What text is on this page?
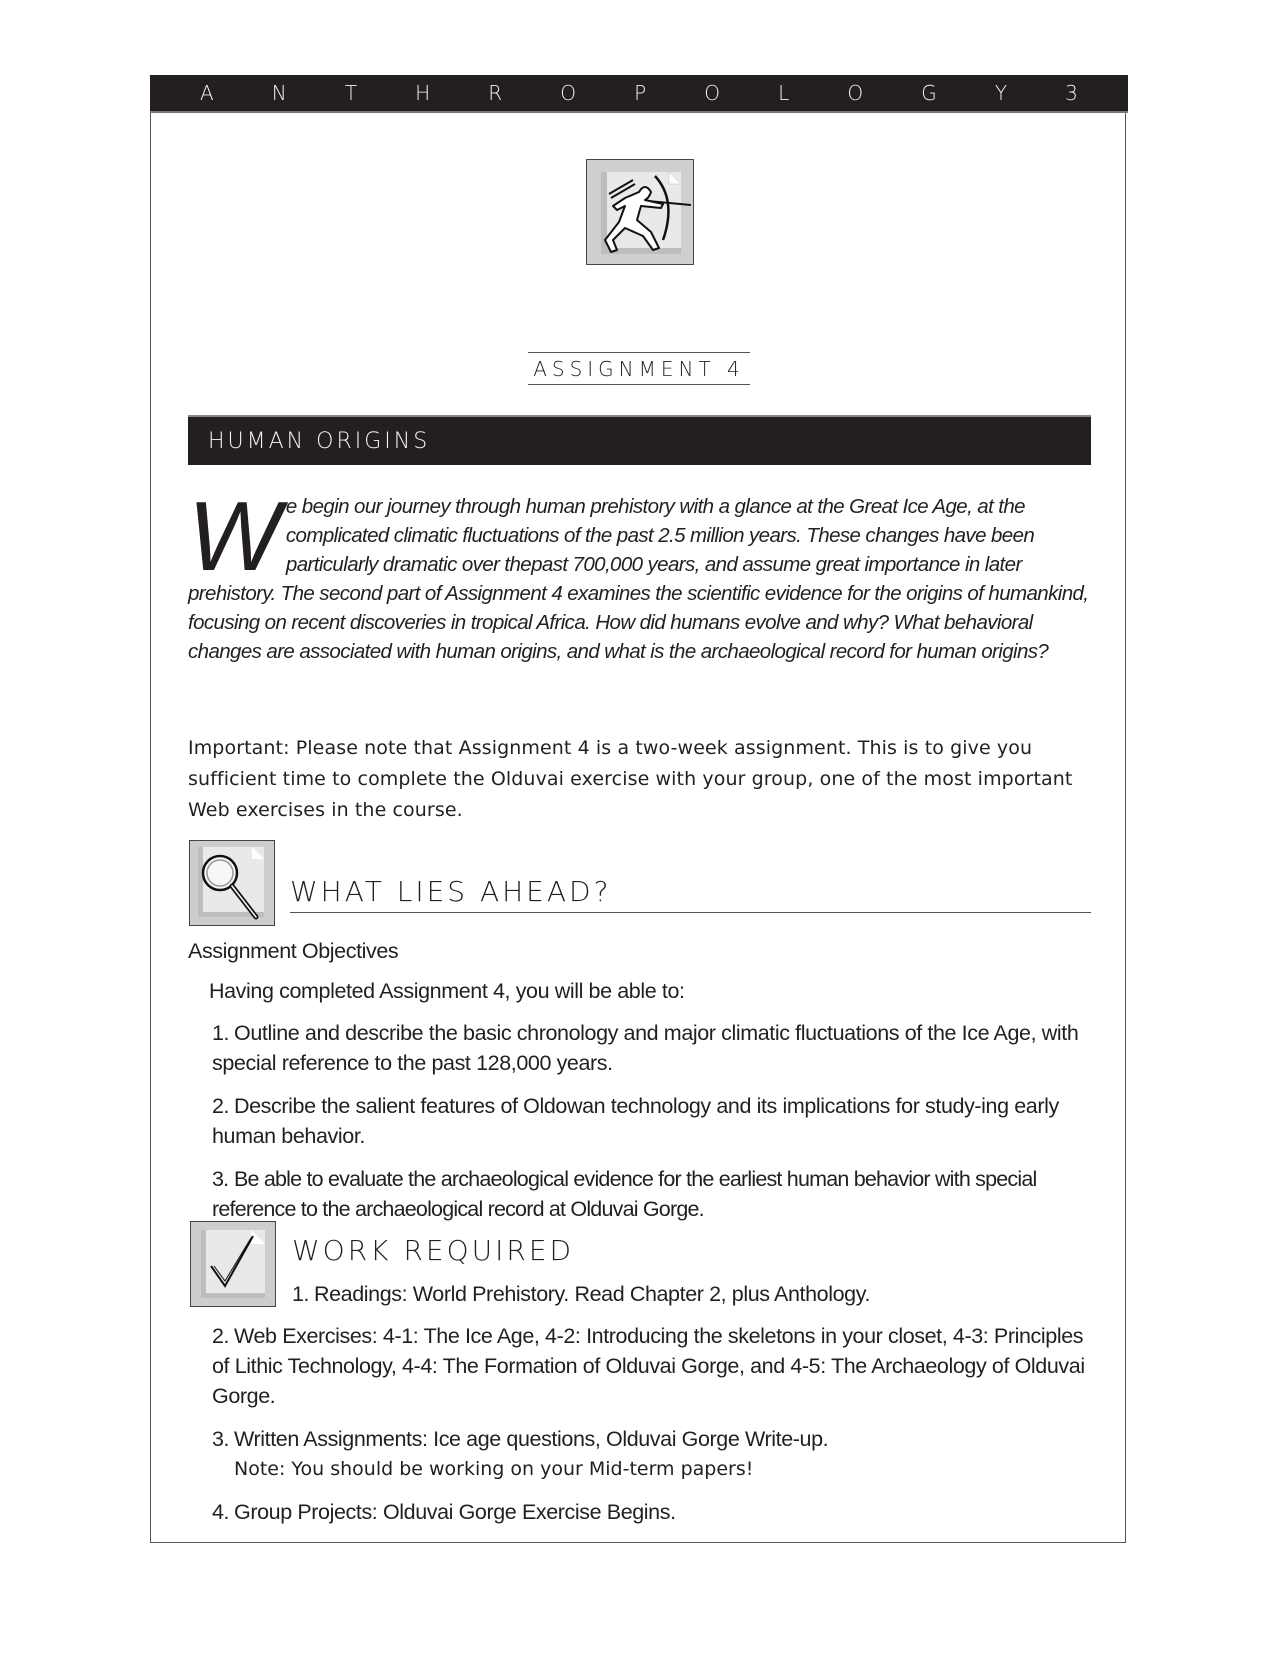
A	N	T	H	R	O	P	O	L	O	G	Y	3
ASSIGNMENT 4
HUMAN ORIGINS
W e begin our journey through human prehistory with a glance at the Great Ice Age, at the complicated climatic fluctuations of the past 2.5 million years. These changes have been particularly dramatic over thepast 700,000 years, and assume great importance in later prehistory. The second part of Assignment 4 examines the scientific evidence for the origins of humankind, focusing on recent discoveries in tropical Africa. How did humans evolve and why? What behavioral changes are associated with human origins, and what is the archaeological record for human origins?
Important: Please note that Assignment 4 is a two-week assignment. This is to give you sufficient time to complete the Olduvai exercise with your group, one of the most important Web exercises in the course.
WHAT LIES AHEAD?
Assignment Objectives
Having completed Assignment 4, you will be able to:
1. Outline and describe the basic chronology and major climatic fluctuations of the Ice Age, with special reference to the past 128,000 years.
2. Describe the salient features of Oldowan technology and its implications for study-ing early human behavior.
3. Be able to evaluate the archaeological evidence for the earliest human behavior with special reference to the archaeological record at Olduvai Gorge.
WORK REQUIRED
1. Readings: World Prehistory. Read Chapter 2, plus Anthology.
2. Web Exercises: 4-1: The Ice Age, 4-2: Introducing the skeletons in your closet, 4-3: Principles of Lithic Technology, 4-4: The Formation of Olduvai Gorge, and 4-5: The Archaeology of Olduvai Gorge.
3. Written Assignments: Ice age questions, Olduvai Gorge Write-up.
Note: You should be working on your Mid-term papers!
4. Group Projects: Olduvai Gorge Exercise Begins.
